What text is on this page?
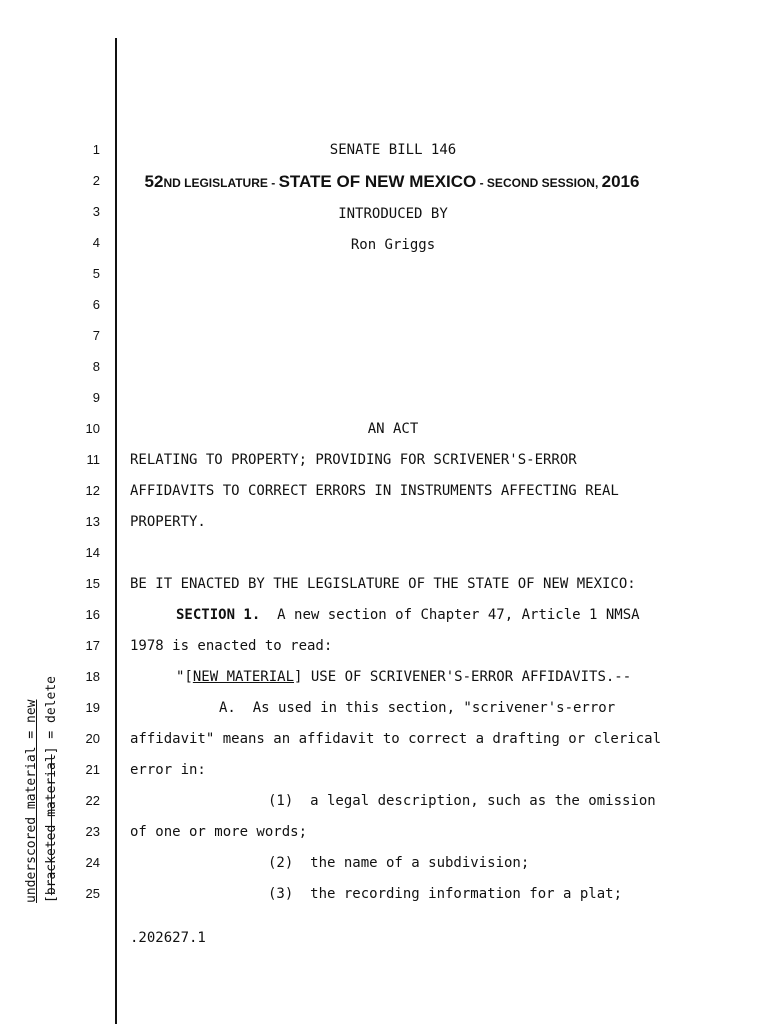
1
2
3
4
5
6
7
8
9
10
11
12
13
14
15
16
17
18
19
20
21
22
23
24
25
SENATE BILL 146
52ND LEGISLATURE - STATE OF NEW MEXICO - SECOND SESSION, 2016
INTRODUCED BY
Ron Griggs
AN ACT
RELATING TO PROPERTY; PROVIDING FOR SCRIVENER'S-ERROR
AFFIDAVITS TO CORRECT ERRORS IN INSTRUMENTS AFFECTING REAL
PROPERTY.
BE IT ENACTED BY THE LEGISLATURE OF THE STATE OF NEW MEXICO:
SECTION 1.  A new section of Chapter 47, Article 1 NMSA
1978 is enacted to read:
"[NEW MATERIAL] USE OF SCRIVENER'S-ERROR AFFIDAVITS.--
A.  As used in this section, "scrivener's-error
affidavit" means an affidavit to correct a drafting or clerical
error in:
(1)  a legal description, such as the omission
of one or more words;
(2)  the name of a subdivision;
(3)  the recording information for a plat;
.202627.1
underscored material = new [bracketed material] = delete
